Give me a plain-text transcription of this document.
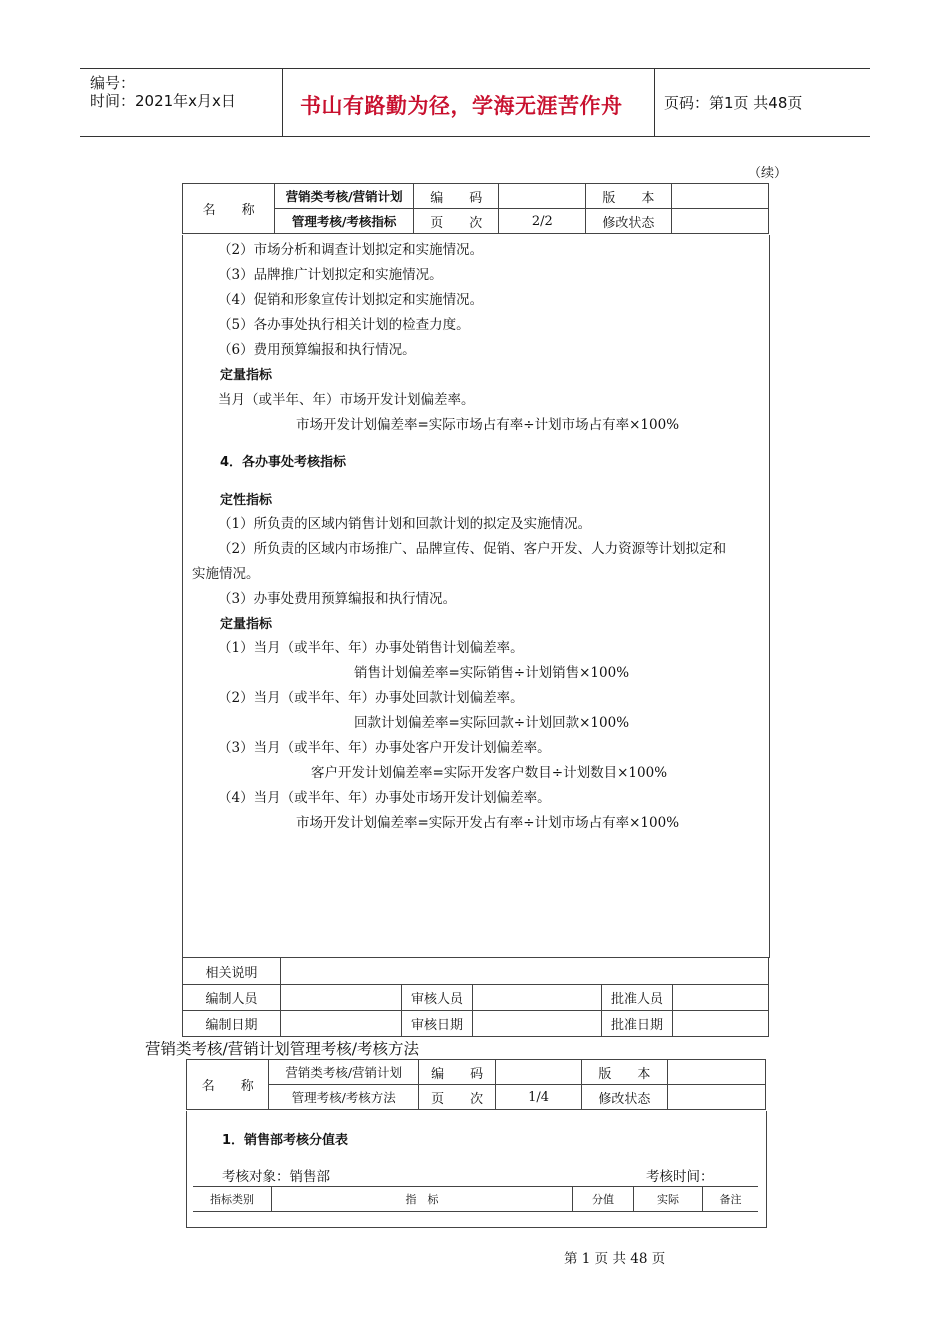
编号：
时间：2021年x月x日	书山有路勤为径，学海无涯苦作舟	页码：第1页 共48页
（续）
名　　称	营销类考核/营销计划	编　　码		版　　本	
	管理考核/考核指标	页　　次	2/2	修改状态	
（2）市场分析和调查计划拟定和实施情况。
（3）品牌推广计划拟定和实施情况。
（4）促销和形象宣传计划拟定和实施情况。
（5）各办事处执行相关计划的检查力度。
（6）费用预算编报和执行情况。
定量指标
当月（或半年、年）市场开发计划偏差率。
市场开发计划偏差率=实际市场占有率÷计划市场占有率×100%
4．各办事处考核指标
定性指标
（1）所负责的区域内销售计划和回款计划的拟定及实施情况。
（2）所负责的区域内市场推广、品牌宣传、促销、客户开发、人力资源等计划拟定和
实施情况。
（3）办事处费用预算编报和执行情况。
定量指标
（1）当月（或半年、年）办事处销售计划偏差率。
销售计划偏差率=实际销售÷计划销售×100%
（2）当月（或半年、年）办事处回款计划偏差率。
回款计划偏差率=实际回款÷计划回款×100%
（3）当月（或半年、年）办事处客户开发计划偏差率。
客户开发计划偏差率=实际开发客户数目÷计划数目×100%
（4）当月（或半年、年）办事处市场开发计划偏差率。
市场开发计划偏差率=实际开发占有率÷计划市场占有率×100%
相关说明					
编制人员		审核人员		批准人员	
编制日期		审核日期		批准日期	
营销类考核/营销计划管理考核/考核方法
名　　称	营销类考核/营销计划	编　　码		版　　本	
	管理考核/考核方法	页　　次	1/4	修改状态	
1．销售部考核分值表
考核对象：销售部	考核时间：
指标类别	指　标	分值	实际	备注
第 1 页 共 48 页
